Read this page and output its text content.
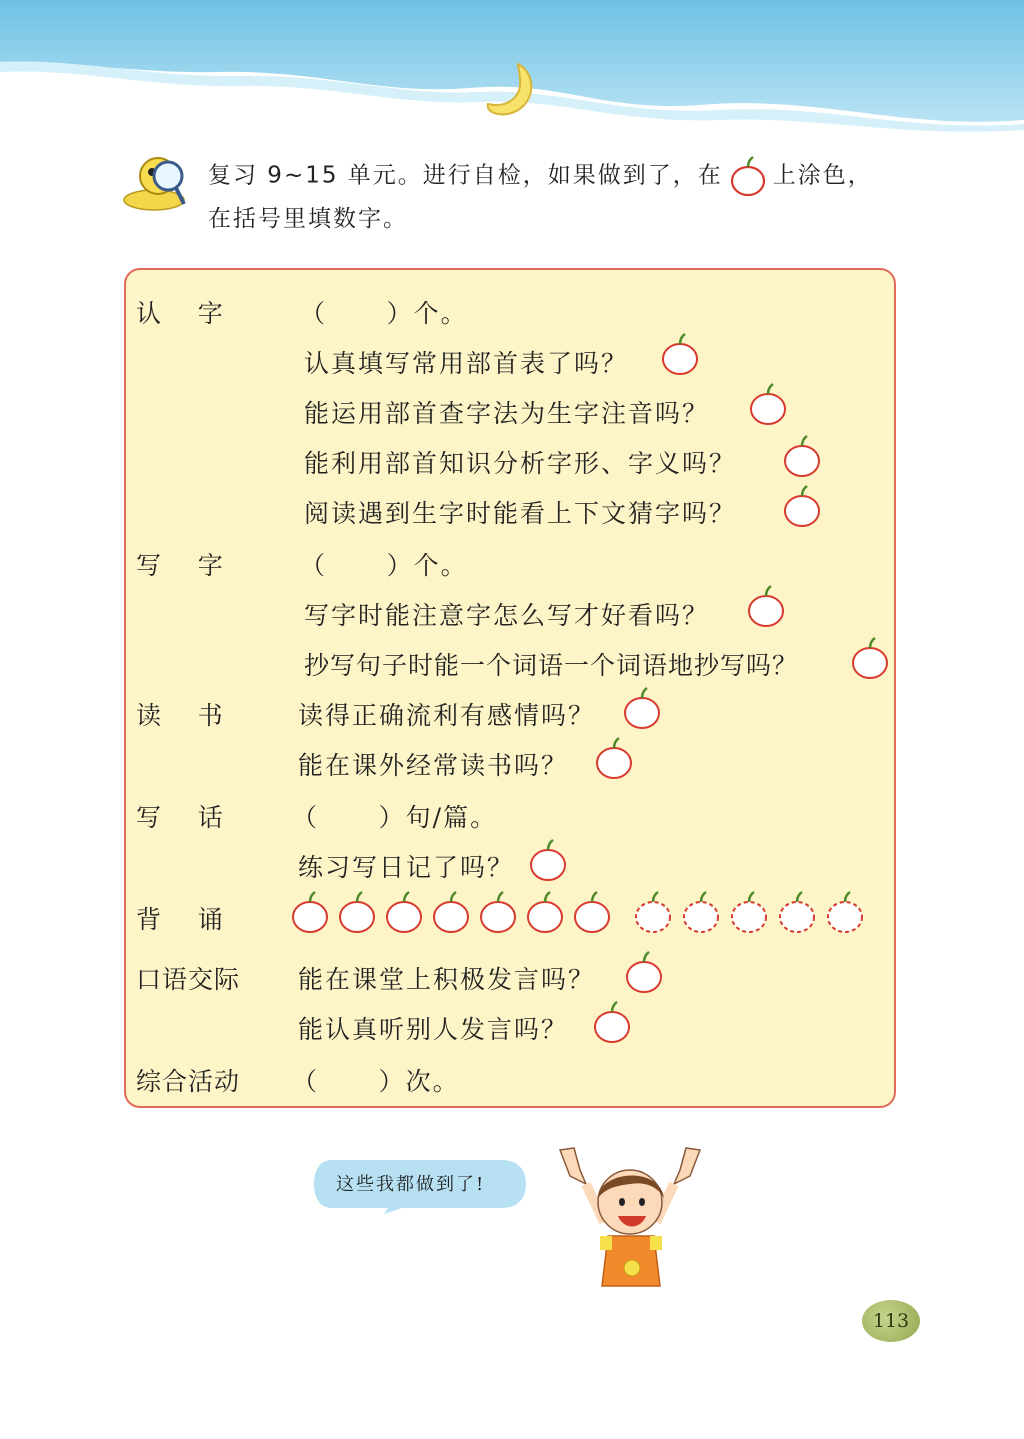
复习 9~15 单元。进行自检，如果做到了，在 上涂色，
在括号里填数字。
认    字	（      ）个。
认真填写常用部首表了吗？
能运用部首查字法为生字注音吗？
能利用部首知识分析字形、字义吗？
阅读遇到生字时能看上下文猜字吗？
写    字	（      ）个。
写字时能注意字怎么写才好看吗？
抄写句子时能一个词语一个词语地抄写吗？
读    书	读得正确流利有感情吗？
能在课外经常读书吗？
写    话	（      ）句/篇。
练习写日记了吗？
背    诵
口语交际 能在课堂上积极发言吗？
能认真听别人发言吗？
综合活动 （      ）次。
这些我都做到了!
113
